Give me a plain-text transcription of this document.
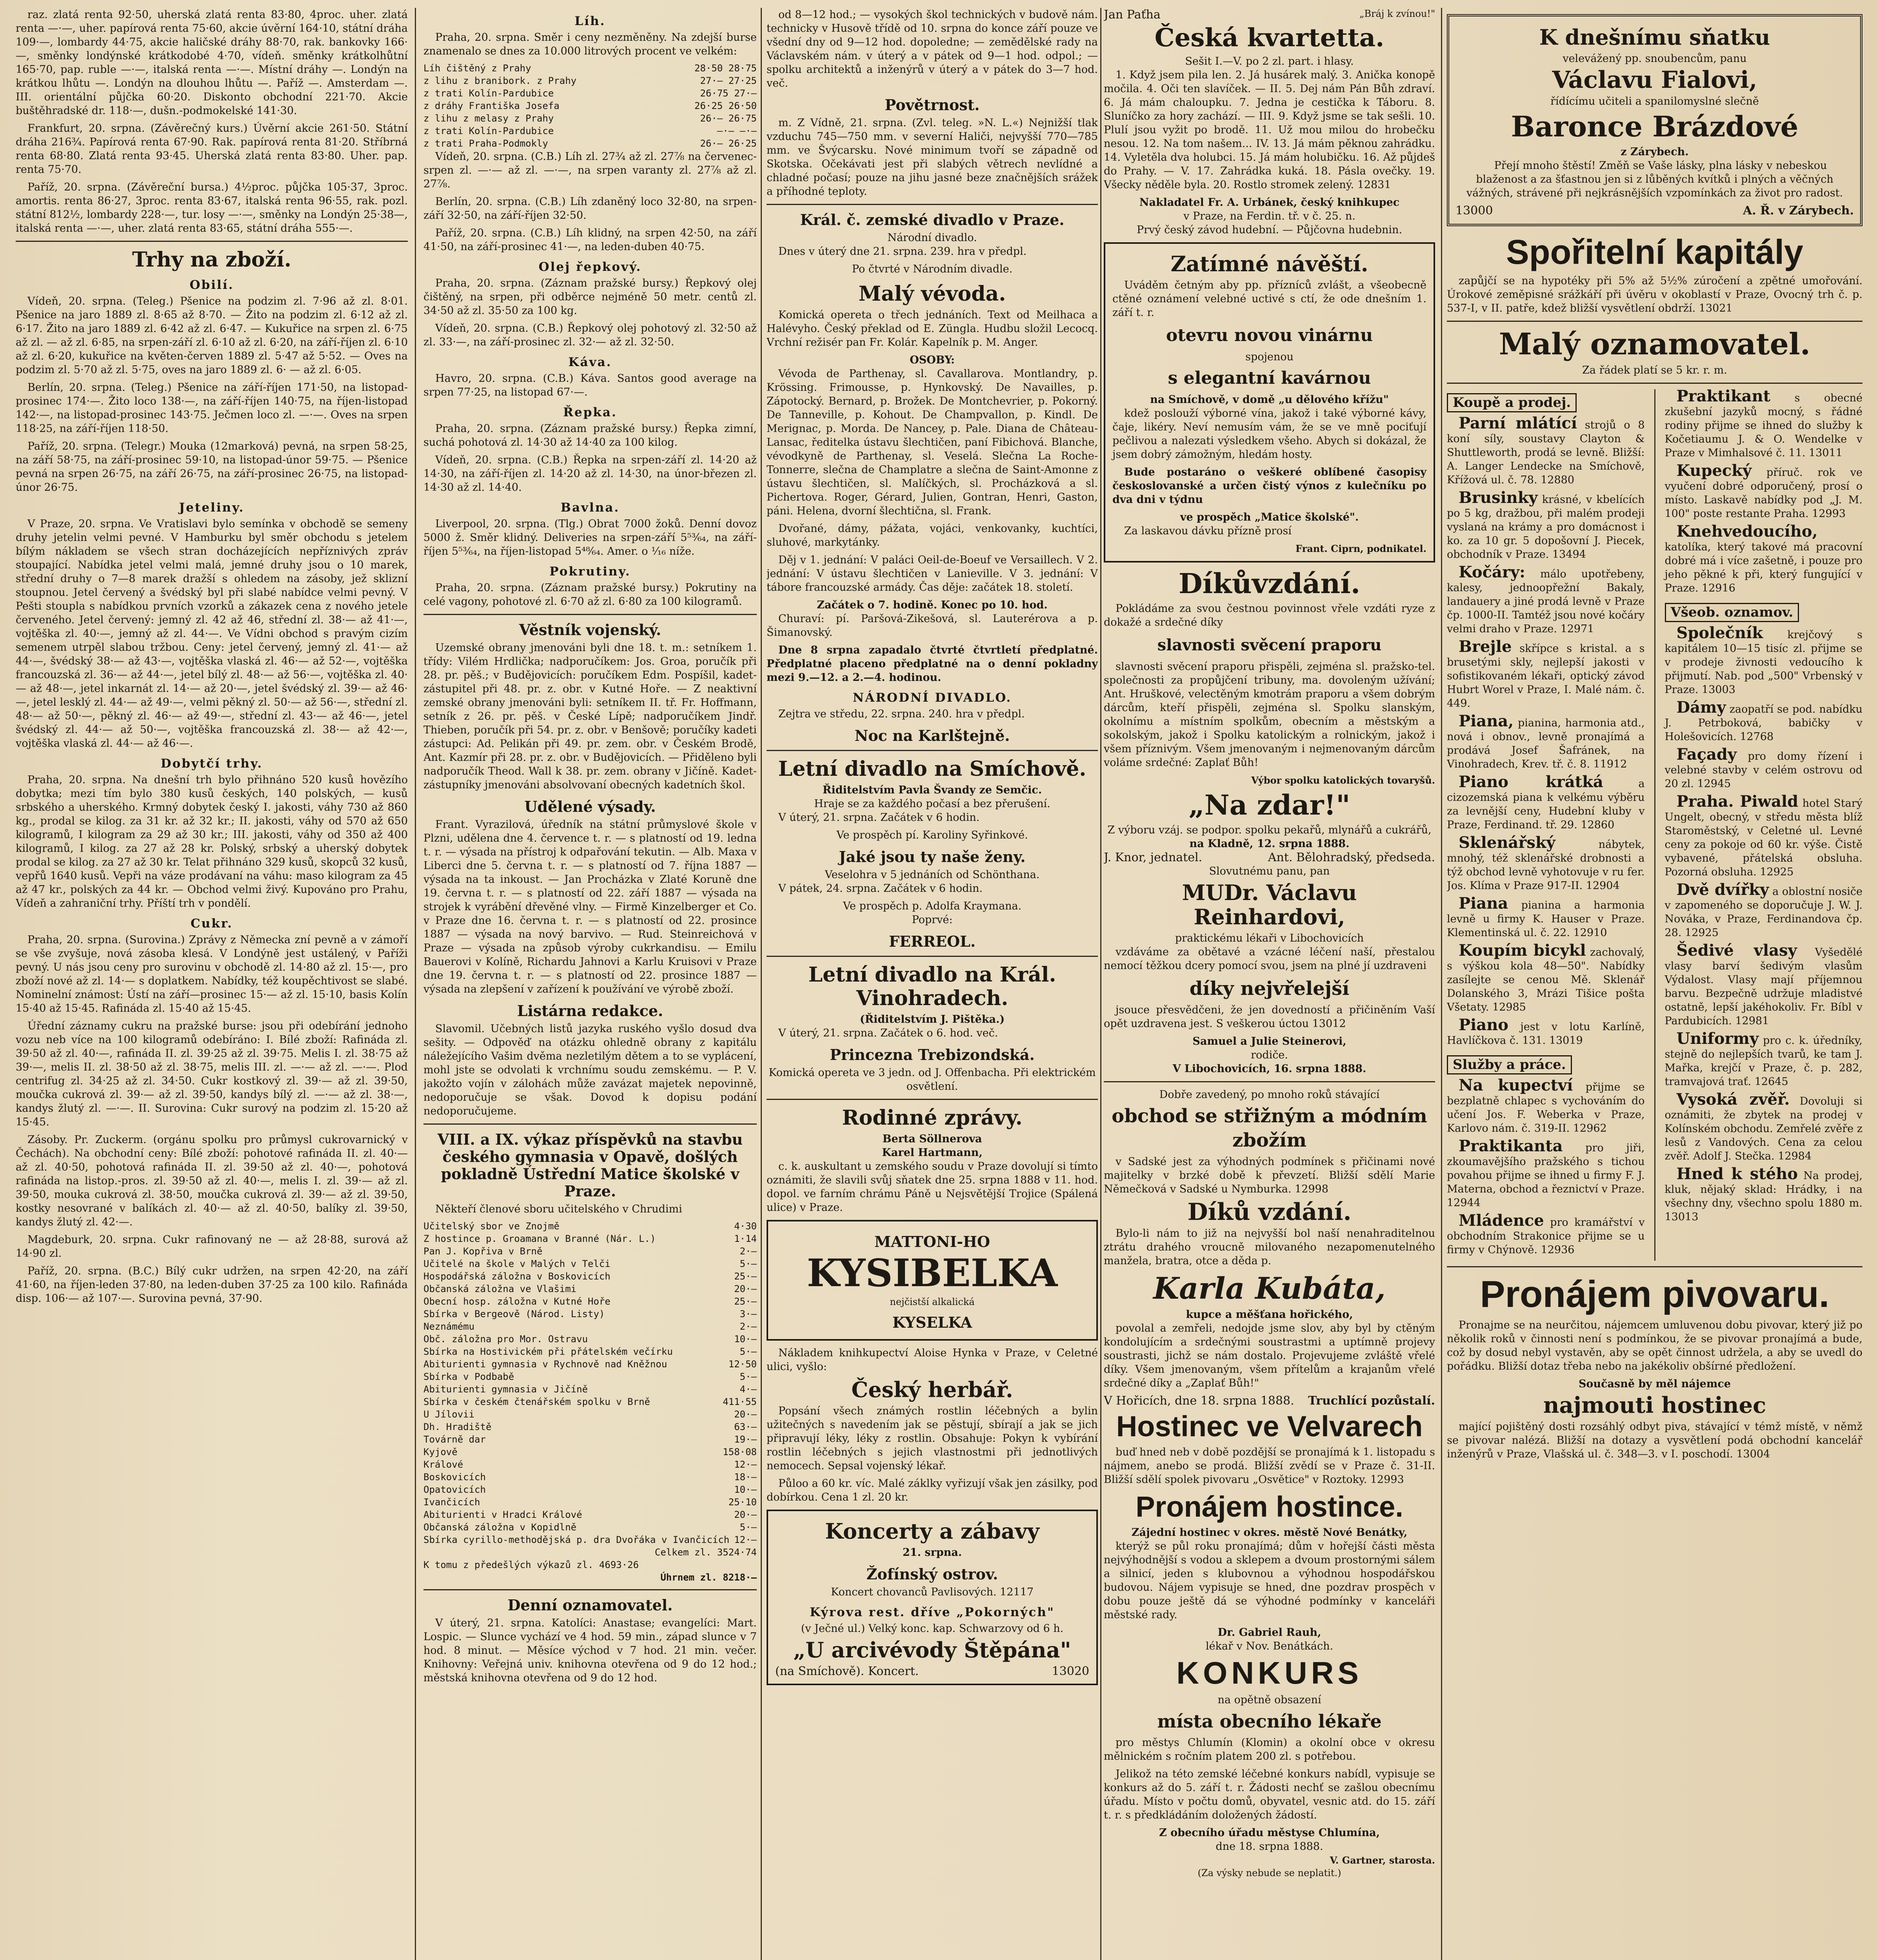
raz. zlatá renta 92·50, uherská zlatá renta 83·80, 4proc. uher. zlatá renta —·—, uher. papírová renta 75·60, akcie úvěrní 164·10, státní dráha 109·—, lombardy 44·75, akcie haličské dráhy 88·70, rak. bankovky 166·—, směnky londýnské krátkodobé 4·70, vídeň. směnky krátkolhůtní 165·70, pap. ruble —·—, italská renta —·—. Místní dráhy —. Londýn na krátkou lhůtu —. Londýn na dlouhou lhůtu —. Paříž —. Amsterdam —. III. orientální půjčka 60·20. Diskonto obchodní 221·70. Akcie buštěhradské dr. 118·—, dušn.-podmokelské 141·30.

Frankfurt, 20. srpna. (Závěrečný kurs.) Úvěrní akcie 261·50. Státní dráha 216¾. Papírová renta 67·90. Rak. papírová renta 81·20. Stříbrná renta 68·80. Zlatá renta 93·45. Uherská zlatá renta 83·80. Uher. pap. renta 75·70.

Paříž, 20. srpna. (Závěreční bursa.) 4½proc. půjčka 105·37, 3proc. amortis. renta 86·27, 3proc. renta 83·67, italská renta 96·55, rak. pozl. státní 812½, lombardy 228·—, tur. losy —·—, směnky na Londýn 25·38—, italská renta —·—, uher. zlatá renta 83·65, státní dráha 555·—.

Trhy na zboží.
Obilí.

Vídeň, 20. srpna. (Teleg.) Pšenice na podzim zl. 7·96 až zl. 8·01. Pšenice na jaro 1889 zl. 8·65 až 8·70. — Žito na podzim zl. 6·12 až zl. 6·17. Žito na jaro 1889 zl. 6·42 až zl. 6·47. — Kukuřice na srpen zl. 6·75 až zl. — až zl. 6·85, na srpen-září zl. 6·10 až zl. 6·20, na září-říjen zl. 6·10 až zl. 6·20, kukuřice na květen-červen 1889 zl. 5·47 až 5·52. — Oves na podzim zl. 5·70 až zl. 5·75, oves na jaro 1889 zl. 6· — až zl. 6·05.

Berlín, 20. srpna. (Teleg.) Pšenice na září-říjen 171·50, na listopad-prosinec 174·—. Žito loco 138·—, na září-říjen 140·75, na říjen-listopad 142·—, na listopad-prosinec 143·75. Ječmen loco zl. —·—. Oves na srpen 118·25, na září-říjen 118·50.

Paříž, 20. srpna. (Telegr.) Mouka (12marková) pevná, na srpen 58·25, na září 58·75, na září-prosinec 59·10, na listopad-únor 59·75. — Pšenice pevná na srpen 26·75, na září 26·75, na září-prosinec 26·75, na listopad-únor 26·75.

Jeteliny.

V Praze, 20. srpna. Ve Vratislavi bylo semínka v obchodě se semeny druhy jetelin velmi pevné. V Hamburku byl směr obchodu s jetelem bílým nákladem se všech stran docházejících nepříznivých zpráv stoupající. Nabídka jetel velmi malá, jemné druhy jsou o 10 marek, střední druhy o 7—8 marek dražší s ohledem na zásoby, jež sklizní stoupnou. Jetel červený a švédský byl při slabé nabídce velmi pevný. V Pešti stoupla s nabídkou prvních vzorků a zákazek cena z nového jetele červeného. Jetel červený: jemný zl. 42 až 46, střední zl. 38·— až 41·—, vojtěška zl. 40·—, jemný až zl. 44·—. Ve Vídni obchod s pravým cizím semenem utrpěl slabou tržbou. Ceny: jetel červený, jemný zl. 41·— až 44·—, švédský 38·— až 43·—, vojtěška vlaská zl. 46·— až 52·—, vojtěška francouzská zl. 36·— až 44·—, jetel bílý zl. 48·— až 56·—, vojtěška zl. 40·— až 48·—, jetel inkarnát zl. 14·— až 20·—, jetel švédský zl. 39·— až 46·—, jetel lesklý zl. 44·— až 49·—, velmi pěkný zl. 50·— až 56·—, střední zl. 48·— až 50·—, pěkný zl. 46·— až 49·—, střední zl. 43·— až 46·—, jetel švédský zl. 44·— až 50·—, vojtěška francouzská zl. 38·— až 42·—, vojtěška vlaská zl. 44·— až 46·—.

Dobytčí trhy.

Praha, 20. srpna. Na dnešní trh bylo přihnáno 520 kusů hovězího dobytka; mezi tím bylo 380 kusů českých, 140 polských, — kusů srbského a uherského. Krmný dobytek český I. jakosti, váhy 730 až 860 kg., prodal se kilog. za 31 kr. až 32 kr.; II. jakosti, váhy od 570 až 650 kilogramů, I kilogram za 29 až 30 kr.; III. jakosti, váhy od 350 až 400 kilogramů, I kilog. za 27 až 28 kr. Polský, srbský a uherský dobytek prodal se kilog. za 27 až 30 kr. Telat přihnáno 329 kusů, skopců 32 kusů, vepřů 1640 kusů. Vepři na váze prodávaní na váhu: maso kilogram za 45 až 47 kr., polských za 44 kr. — Obchod velmi živý. Kupováno pro Prahu, Vídeň a zahraniční trhy. Příští trh v pondělí.

Cukr.

Praha, 20. srpna. (Surovina.) Zprávy z Německa zní pevně a v zámoří se vše zvyšuje, nová zásoba klesá. V Londýně jest ustálený, v Paříži pevný. U nás jsou ceny pro surovinu v obchodě zl. 14·80 až zl. 15·—, pro zboží nové až zl. 14·— s doplatkem. Nabídky, též koupěchtivost se slabé. Nominelní známost: Ústí na září—prosinec 15·— až zl. 15·10, basis Kolín 15·40 až 15·45. Rafináda zl. 15·40 až 15·45.

Úřední záznamy cukru na pražské burse: jsou při odebírání jednoho vozu neb více na 100 kilogramů odebíráno: I. Bílé zboží: Rafináda zl. 39·50 až zl. 40·—, rafináda II. zl. 39·25 až zl. 39·75. Melis I. zl. 38·75 až 39·—, melis II. zl. 38·50 až zl. 38·75, melis III. zl. —·— až zl. —·—. Plod centrifug zl. 34·25 až zl. 34·50. Cukr kostkový zl. 39·— až zl. 39·50, moučka cukrová zl. 39·— až zl. 39·50, kandys bílý zl. —·— až zl. 38·—, kandys žlutý zl. —·—. II. Surovina: Cukr surový na podzim zl. 15·20 až 15·45.

Zásoby. Pr. Zuckerm. (orgánu spolku pro průmysl cukrovarnický v Čechách). Na obchodní ceny: Bílé zboží: pohotové rafináda II. zl. 40·— až zl. 40·50, pohotová rafináda II. zl. 39·50 až zl. 40·—, pohotová rafináda na listop.-pros. zl. 39·50 až zl. 40·—, melis I. zl. 39·— až zl. 39·50, mouka cukrová zl. 38·50, moučka cukrová zl. 39·— až zl. 39·50, kostky nesovrané v balíkách zl. 40·— až zl. 40·50, balíky zl. 39·50, kandys žlutý zl. 42·—.

Magdeburk, 20. srpna. Cukr rafinovaný ne — až 28·88, surová až 14·90 zl.

Paříž, 20. srpna. (B.C.) Bílý cukr udržen, na srpen 42·20, na září 41·60, na říjen-leden 37·80, na leden-duben 37·25 za 100 kilo. Rafináda disp. 106·— až 107·—. Surovina pevná, 37·90.

Líh.

Praha, 20. srpna. Směr i ceny nezměněny. Na zdejší burse znamenalo se dnes za 10.000 litrových procent ve velkém:

Líh čištěný z Prahy	28·50 28·75
z lihu z branibork. z Prahy	27·— 27·25
z trati Kolín-Pardubice	26·75 27·—
z dráhy Františka Josefa	26·25 26·50
z lihu z melasy z Prahy	26·— 26·75
z trati Kolín-Pardubice	—·— —·—
z trati Praha-Podmokly	26·— 26·25

Vídeň, 20. srpna. (C.B.) Líh zl. 27¾ až zl. 27⅞ na červenec-srpen zl. —·— až zl. —·—, na srpen varanty zl. 27⅞ až zl. 27⅞.

Berlín, 20. srpna. (C.B.) Líh zdaněný loco 32·80, na srpen-září 32·50, na září-říjen 32·50.

Paříž, 20. srpna. (C.B.) Líh klidný, na srpen 42·50, na září 41·50, na září-prosinec 41·—, na leden-duben 40·75.

Olej řepkový.

Praha, 20. srpna. (Záznam pražské bursy.) Řepkový olej čištěný, na srpen, při odběrce nejméně 50 metr. centů zl. 34·50 až zl. 35·50 za 100 kg.

Vídeň, 20. srpna. (C.B.) Řepkový olej pohotový zl. 32·50 až zl. 33·—, na září-prosinec zl. 32·— až zl. 32·50.

Káva.

Havro, 20. srpna. (C.B.) Káva. Santos good average na srpen 77·25, na listopad 67·—.

Řepka.

Praha, 20. srpna. (Záznam pražské bursy.) Řepka zimní, suchá pohotová zl. 14·30 až 14·40 za 100 kilog.

Vídeň, 20. srpna. (C.B.) Řepka na srpen-září zl. 14·20 až 14·30, na září-říjen zl. 14·20 až zl. 14·30, na únor-březen zl. 14·30 až zl. 14·40.

Bavlna.

Liverpool, 20. srpna. (Tlg.) Obrat 7000 žoků. Denní dovoz 5000 ž. Směr klidný. Deliveries na srpen-září 5⁵³⁄₆₄, na září-říjen 5⁵³⁄₆₄, na říjen-listopad 5⁴⁸⁄₆₄. Amer. o ⅟₁₆ níže.

Pokrutiny.

Praha, 20. srpna. (Záznam pražské bursy.) Pokrutiny na celé vagony, pohotové zl. 6·70 až zl. 6·80 za 100 kilogramů.

Věstník vojenský.

Uzemské obrany jmenováni byli dne 18. t. m.: setníkem 1. třídy: Vilém Hrdlička; nadporučíkem: Jos. Groa, poručík při 28. pr. pěš.; v Budějovicích: poručíkem Edm. Pospíšil, kadet-zástupitel při 48. pr. z. obr. v Kutné Hoře. — Z neaktivní zemské obrany jmenováni byli: setníkem II. tř. Fr. Hoffmann, setník z 26. pr. pěš. v České Lípě; nadporučíkem Jindř. Thieben, poručík při 54. pr. z. obr. v Benšově; poručíky kadeti zástupci: Ad. Pelikán při 49. pr. zem. obr. v Českém Brodě, Ant. Kazmír při 28. pr. z. obr. v Budějovicích. — Přiděleno byli nadporučík Theod. Wall k 38. pr. zem. obrany v Jičíně. Kadet-zástupníky jmenováni absolvovaní obecných kadetních škol.

Udělené výsady.

Frant. Vyrazilová, úředník na státní průmyslové škole v Plzni, udělena dne 4. července t. r. — s platností od 19. ledna t. r. — výsada na přístroj k odpařování tekutin. — Alb. Maxa v Liberci dne 5. června t. r. — s platností od 7. října 1887 — výsada na ta inkoust. — Jan Procházka v Zlaté Koruně dne 19. června t. r. — s platností od 22. září 1887 — výsada na strojek k vyrábění dřevěné vlny. — Firmě Kinzelberger et Co. v Praze dne 16. června t. r. — s platností od 22. prosince 1887 — výsada na nový barvivo. — Rud. Steinreichová v Praze — výsada na způsob výroby cukrkandisu. — Emilu Bauerovi v Kolíně, Richardu Jahnovi a Karlu Kruisovi v Praze dne 19. června t. r. — s platností od 22. prosince 1887 — výsada na zlepšení v zařízení k používání ve výrobě zboží.

Listárna redakce.

Slavomil. Učebných listů jazyka ruského vyšlo dosud dva sešity. — Odpověď na otázku ohledně obrany z kapitálu náležejícího Vašim dvěma nezletilým dětem a to se vyplácení, mohl jste se odvolati k vrchnímu soudu zemskému. — P. V. jakožto vojín v zálohách může zavázat majetek nepovinně, nedoporučuje se však. Dovod k dopisu podání nedoporučujeme.

VIII. a IX. výkaz příspěvků na stavbu českého gymnasia v Opavě, došlých pokladně Ústřední Matice školské v Praze.

Někteří členové sboru učitelského v Chrudimi

Učitelský sbor ve Znojmě	4·30
Z hostince p. Groamana v Branné (Nár. L.)	1·14
Pan J. Kopřiva v Brně	2·—
Učitelé na škole v Malých v Telči	5·—
Hospodářská záložna v Boskovicích	25·—
Občanská záložna ve Vlašimi	20·—
Obecní hosp. záložna v Kutné Hoře	25·—
Sbírka v Bergeově (Národ. Listy)	3·—
Neznámému	2·—
Obč. záložna pro Mor. Ostravu	10·—
Sbírka na Hostivickém při přátelském večírku	5·—
Abiturienti gymnasia v Rychnově nad Kněžnou	12·50
Sbírka v Podbabě	5·—
Abiturienti gymnasia v Jičíně	4·—
Sbírka v českém čtenářském spolku v Brně	411·55
U Jílovii	20·—
Dh. Hradiště	63·—
Továrně dar	19·—
Kyjově	158·08
Králové	12·—
Boskovicích	18·—
Opatovicích	10·—
Ivančicích	25·10
Abiturienti v Hradci Králové	20·—
Občanská záložna v Kopidlně	5·—
Sbírka cyrillo-methodějská p. dra Dvořáka v Ivančicích 12·—
Celkem zl. 3524·74
K tomu z předešlých výkazů zl. 4693·26
Úhrnem zl. 8218·—
Denní oznamovatel.

V úterý, 21. srpna. Katolíci: Anastase; evangelíci: Mart. Lospic. — Slunce vychází ve 4 hod. 59 min., západ slunce v 7 hod. 8 minut. — Měsíce východ v 7 hod. 21 min. večer. Knihovny: Veřejná univ. knihovna otevřena od 9 do 12 hod.; městská knihovna otevřena od 9 do 12 hod.

od 8—12 hod.; — vysokých škol technických v budově nám. technicky v Husově třídě od 10. srpna do konce září pouze ve všední dny od 9—12 hod. dopoledne; — zemědělské rady na Václavském nám. v úterý a v pátek od 9—1 hod. odpol.; — spolku architektů a inženýrů v úterý a v pátek do 3—7 hod. več.

Povětrnost.

m. Z Vídně, 21. srpna. (Zvl. teleg. »N. L.«) Nejnižší tlak vzduchu 745—750 mm. v severní Haliči, nejvyšší 770—785 mm. ve Švýcarsku. Nové minimum tvoří se západně od Skotska. Očekávati jest při slabých větrech nevlídné a chladné počasí; pouze na jihu jasné beze značnějších srážek a příhodné teploty.

Král. č. zemské divadlo v Praze.
Národní divadlo.

Dnes v úterý dne 21. srpna. 239. hra v předpl.

Po čtvrté v Národním divadle.
Malý vévoda.

Komická opereta o třech jednáních. Text od Meilhaca a Halévyho. Český překlad od E. Züngla. Hudbu složil Lecocq. Vrchní režisér pan Fr. Kolár. Kapelník p. M. Anger.

OSOBY:

Vévoda de Parthenay, sl. Cavallarova. Montlandry, p. Krössing. Frimousse, p. Hynkovský. De Navailles, p. Zápotocký. Bernard, p. Brožek. De Montchevrier, p. Pokorný. De Tanneville, p. Kohout. De Champvallon, p. Kindl. De Merignac, p. Morda. De Nancey, p. Pale. Diana de Château-Lansac, ředitelka ústavu šlechtičen, paní Fibichová. Blanche, vévodkyně de Parthenay, sl. Veselá. Slečna La Roche-Tonnerre, slečna de Champlatre a slečna de Saint-Amonne z ústavu šlechtičen, sl. Malíčkých, sl. Procházková a sl. Pichertova. Roger, Gérard, Julien, Gontran, Henri, Gaston, páni. Helena, dvorní šlechtična, sl. Frank.

Dvořané, dámy, pážata, vojáci, venkovanky, kuchtíci, sluhové, markytánky.

Děj v 1. jednání: V paláci Oeil-de-Boeuf ve Versaillech. V 2. jednání: V ústavu šlechtičen v Lanieville. V 3. jednání: V tábore francouzské armády. Čas děje: začátek 18. století.

Začátek o 7. hodině. Konec po 10. hod.

Churaví: pí. Paršová-Zikešová, sl. Lauterérova a p. Šimanovský.

Dne 8 srpna zapadalo čtvrté čtvrtletí předplatné. Předplatné placeno předplatné na o denní pokladny mezi 9.—12. a 2.—4. hodinou.

NÁRODNÍ DIVADLO.

Zejtra ve středu, 22. srpna. 240. hra v předpl.

Noc na Karlštejně.
Letní divadlo na Smíchově.
Řiditelstvím Pavla Švandy ze Semčic.
Hraje se za každého počasí a bez přerušení.

V úterý, 21. srpna. Začátek v 6 hodin.

Ve prospěch pí. Karoliny Syřinkové.
Jaké jsou ty naše ženy.
Veselohra v 5 jednáních od Schönthana.

V pátek, 24. srpna. Začátek v 6 hodin.

Ve prospěch p. Adolfa Kraymana.
Poprvé:
FERREOL.
Letní divadlo na Král. Vinohradech.
(Řiditelstvím J. Pištěka.)

V úterý, 21. srpna. Začátek o 6. hod. več.

Princezna Trebizondská.
Komická opereta ve 3 jedn. od J. Offenbacha. Při elektrickém osvětlení.
Rodinné zprávy.
Berta Söllnerova
Karel Hartmann,

c. k. auskultant u zemského soudu v Praze dovolují si tímto oznámiti, že slavili svůj sňatek dne 25. srpna 1888 v 11. hod. dopol. ve farním chrámu Páně u Nejsvětější Trojice (Spálená ulice) v Praze.

MATTONI-HO
KYSIBELKA
nejčistší alkalická
KYSELKA

Nákladem knihkupectví Aloise Hynka v Praze, v Celetné ulici, vyšlo:

Český herbář.

Popsání všech známých rostlin léčebných a bylin užitečných s navedením jak se pěstují, sbírají a jak se jich připravují léky, léky z rostlin. Obsahuje: Pokyn k vybírání rostlin léčebných s jejich vlastnostmi při jednotlivých nemocech. Sepsal vojenský lékař.

Půloo a 60 kr. víc. Malé záklky vyřizují však jen zásilky, pod dobírkou. Cena 1 zl. 20 kr.

Koncerty a zábavy
21. srpna.
Žofínský ostrov.
Koncert chovanců Pavlisových. 12117
Kýrova rest. dříve „Pokorných"
(v Ječné ul.) Velký konc. kap. Schwarzovy od 6 h.
„U arcivévody Štěpána"
(na Smíchově). Koncert.	13020
Jan Paťha	„Bráj k zvínou!"
Česká kvartetta.
Sešit I.—V. po 2 zl. part. i hlasy.

1. Když jsem pila len. 2. Já husárek malý. 3. Anička konopě močila. 4. Oči ten slavíček. — II. 5. Dej nám Pán Bůh zdraví. 6. Já mám chaloupku. 7. Jedna je cestička k Táboru. 8. Sluníčko za hory zachází. — III. 9. Když jsme se tak sešli. 10. Plulí jsou vyžit po brodě. 11. Už mou milou do hrobečku nesou. 12. Na tom našem... IV. 13. Já mám pěknou zahrádku. 14. Vyletěla dva holubci. 15. Já mám holubičku. 16. Až půjdeš do Prahy. — V. 17. Zahrádka kuká. 18. Pásla ovečky. 19. Všecky něděle byla. 20. Rostlo stromek zelený. 12831

Nakladatel Fr. A. Urbánek, český knihkupec
v Praze, na Ferdin. tř. v č. 25. n.
Prvý český závod hudební. — Půjčovna hudebnin.
Zatímné návěští.

Uváděm četným aby pp. přízníců zvlášt, a všeobecně ctěné oznámení velebné uctivé s ctí, že ode dnešním 1. září t. r.

otevru novou vinárnu
spojenou
s elegantní kavárnou
na Smíchově, v domě „u dělového křížu"

kdež poslouží výborné vína, jakož i také výborné kávy, čaje, likéry. Neví nemusím vám, že se ve mně pociťují pečlivou a nalezati výsledkem všeho. Abych si dokázal, že jsem dobrý zámožným, hledám hosty.

Bude postaráno o veškeré oblíbené časopisy českoslovanské a určen čistý výnos z kulečníku po dva dni v týdnu

ve prospěch „Matice školské".

Za laskavou dávku přízně prosí

Frant. Ciprn, podnikatel.
Díkůvzdání.

Pokládáme za svou čestnou povinnost vřele vzdáti ryze z dokažé a srdečné díky

slavnosti svěcení praporu

slavnosti svěcení praporu přispěli, zejména sl. pražsko-tel. společnosti za propůjčení tribuny, ma. dovoleným užívání; Ant. Hruškové, velectěným kmotrám praporu a všem dobrým dárcům, kteří přispěli, zejména sl. Spolku slanským, okolnímu a místním spolkům, obecním a městským a sokolským, jakož i Spolku katolickým a rolnickým, jakož i všem příznivým. Všem jmenovaným i nejmenovaným dárcům voláme srdečné: Zaplať Bůh!

Výbor spolku katolických tovaryšů.
„Na zdar!"
Z výboru vzáj. se podpor. spolku pekařů, mlynářů a cukrářů,
na Kladně, 12. srpna 1888.
J. Knor, jednatel.	Ant. Bělohradský, předseda.
Slovutnému panu, pan
MUDr. Václavu Reinhardovi,
praktickému lékaři v Libochovicích

vzdáváme za obětavé a vzácné léčení naší, přestalou nemocí těžkou dcery pomocí svou, jsem na plné jí uzdraveni

díky nejvřelejší

jsouce přesvědčeni, že jen dovedností a přičiněním Vaší opět uzdravena jest. S veškerou úctou 13012

Samuel a Julie Steinerovi,
rodiče.
V Libochovicích, 16. srpna 1888.
Dobře zavedený, po mnoho roků stávající
obchod se střižným a módním zbožím

v Sadské jest za výhodných podmínek s přičinami nové majitelky v brzké době k převzetí. Bližší sdělí Marie Němečková v Sadské u Nymburka. 12998

Díků vzdání.

Bylo-li nám to již na nejvyšší bol naší nenahraditelnou ztrátu drahého vroucně milovaného nezapomenutelného manžela, bratra, otce a děda p.

Karla Kubáta,
kupce a měšťana hořického,

povolal a zemřeli, nedojde jsme slov, aby byl by ctěným kondolujícím a srdečnými soustrastmi a uptímně projevy soustrasti, jichž se nám dostalo. Projevujeme zvláště vřelé díky. Všem jmenovaným, všem přítelům a krajanům vřelé srdečné díky a „Zaplať Bůh!"

V Hořicích, dne 18. srpna 1888. Truchlící pozůstalí.
Hostinec ve Velvarech

buď hned neb v době pozdější se pronajímá k 1. listopadu s nájmem, anebo se prodá. Bližší zvědí se v Praze č. 31-II. Bližší sdělí spolek pivovaru „Osvětice" v Roztoky. 12993

Pronájem hostince.
Zájední hostinec v okres. městě Nové Benátky,

kterýž se půl roku pronajímá; dům v hořejší části města nejvýhodnější s vodou a sklepem a dvoum prostornými sálem a silnicí, jeden s klubovnou a výhodnou hospodářskou budovou. Nájem vypisuje se hned, dne pozdrav prospěch v dobu pouze ještě dá se výhodné podmínky v kanceláři městské rady.

Dr. Gabriel Rauh,
lékař v Nov. Benátkách.
KONKURS
na opětně obsazení
místa obecního lékaře

pro městys Chlumín (Klomin) a okolní obce v okresu mělnickém s ročním platem 200 zl. s potřebou.

Jelikož na této zemské léčebné konkurs nabídl, vypisuje se konkurs až do 5. září t. r. Žádosti nechť se zašlou obecnímu úřadu. Místo v počtu domů, obyvatel, vesnic atd. do 15. září t. r. s předkládáním doložených žádostí.

Z obecního úřadu městyse Chlumína,
dne 18. srpna 1888.
V. Gartner, starosta.
(Za výsky nebude se neplatit.)
K dnešnímu sňatku
velevážený pp. snoubencům, panu
Václavu Fialovi,
řídícímu učiteli a spanilomyslné slečně
Baronce Brázdové
z Zárybech.

Přejí mnoho štěstí! Změň se Vaše lásky, plna lásky v nebeskou blaženost a za šťastnou jen si z lůběných kvítků i plných a věčných vážných, strávené při nejkrásnějších vzpomínkách za život pro radost.

13000	A. Ř. v Zárybech.
Spořitelní kapitály

zapůjčí se na hypotéky při 5% až 5½% zúročení a zpětné umořování. Úrokové zeměpisné srážkáří při úvěru v okoblastí v Praze, Ovocný trh č. p. 537-I, v II. patře, kdež bližší vysvětlení obdrží. 13021

Malý oznamovatel.
Za řádek platí se 5 kr. r. m.
Koupě a prodej.

Parní mlátící strojů o 8 koní síly, soustavy Clayton & Shuttleworth, prodá se levně. Bližší: A. Langer Lendecke na Smíchově, Křížová ul. č. 78. 12880

Brusinky krásné, v kbelících po 5 kg, dražbou, při malém prodeji vyslaná na krámy a pro domácnost i ko. za 10 gr. 5 dopošovní J. Piecek, obchodník v Praze. 13494

Kočáry: málo upotřebeny, kalesy, jednoopřežní Bakaly, landauery a jiné prodá levně v Praze čp. 1000-II. Tamtéž jsou nové kočáry velmi draho v Praze. 12971

Brejle skřípce s kristal. a s brusetými skly, nejlepší jakosti v sofistikovaném lékaři, optický závod Hubrt Worel v Praze, I. Malé nám. č. 449.

Piana, pianina, harmonia atd., nová i obnov., levně pronajímá a prodává Josef Šafránek, na Vinohradech, Krev. tř. č. 8. 11912

Piano krátká	a cizozemská piana k velkému výběru za levnější ceny, Hudební kluby v Praze, Ferdinand. tř. 29. 12860

Sklenářský	nábytek, mnohý, též sklenářské drobnosti a týž obchod levně vyhotovuje v ru fer. Jos. Klíma v Praze 917-II. 12904

Piana pianina a harmonia levně u firmy K. Hauser v Praze. Klementinská ul. č. 22. 12910

Koupím bicykl zachovalý, s výškou kola 48—50". Nabídky zasílejte se cenou Mě. Sklenář Dolanského 3, Mrázi Tišice pošta Všetaty. 12985

Piano jest v lotu Karlíně, Havlíčkova č. 131. 13019

Služby a práce.

Na kupectví přijme se bezplatně chlapec s vychováním do učení Jos. F. Weberka v Praze, Karlovo nám. č. 319-II. 12962

Praktikanta pro jiři, zkoumavějšího pražského s tichou povahou přijme se ihned u firmy F. J. Materna, obchod a řeznictví v Praze. 12944

Mládence pro kramářství v obchodním Strakonice přijme se u firmy v Chýnově. 12936

Praktikant s obecné zkušební jazyků mocný, s řádné rodiny přijme se ihned do služby k Kočetiaumu J. & O. Wendelke v Praze v Mimhalsové č. 11. 13011

Kupecký příruč. rok ve vyučení dobré odporučený, prosí o místo. Laskavě nabídky pod „J. M. 100" poste restante Praha. 12993

Knehvedoucího, katolíka, který takové má pracovní dobré má i více zašetně, i pouze pro jeho pěkné k při, který fungující v Praze. 12916

Všeob. oznamov.

Společník krejčový s kapitálem 10—15 tisíc zl. přijme se v prodeje živnosti vedoucího k přijmutí. Nab. pod „500" Vrbenský v Praze. 13003

Dámy zaopatří se pod. nabídku J. Petrboková, babičky v Holešovicích. 12768

Façady pro domy řízení i velebné stavby v celém ostrovu od 20 zl. 12945

Praha. Piwald hotel Starý Ungelt, obecný, v středu města blíž Staroměstský, v Celetné ul. Levné ceny za pokoje od 60 kr. výše. Čistě vybavené, přátelská obsluha. Pozorná obsluha. 12925

Dvě dvířky a oblostní nosiče v zapomeného se doporučuje J. W. J. Nováka, v Praze, Ferdinandova čp. 28. 12925

Šedivé vlasy Vyšedělé vlasy barví šedivým vlasům Výdalost. Vlasy mají příjemnou barvu. Bezpečně udržuje mladistvé ostatně, lepší jakéhokoliv. Fr. Bíbl v Pardubicích. 12981

Uniformy pro c. k. úředníky, stejně do nejlepších tvarů, ke tam J. Mařka, krejčí v Praze, č. p. 282, tramvajová trať. 12645

Vysoká zvěř. Dovoluji si oznámiti, že zbytek na prodej v Kolínském obchodu. Zemřelé zvěře z lesů z Vandových. Cena za celou zvěř. Adolf J. Stečka. 12984

Hned k stého Na prodej, kluk, nějaký sklad: Hrádky, i na všechny dny, všechno spolu 1880 m. 13013

Pronájem pivovaru.

Pronajme se na neurčitou, nájemcem umluvenou dobu pivovar, který již po několik roků v činnosti není s podmínkou, že se pivovar pronajímá a bude, což by dosud nebyl vystavěn, aby se opět činnost udržela, a aby se uvedl do pořádku. Bližší dotaz třeba nebo na jakékoliv obšírné předložení.

Současně by měl nájemce
najmouti hostinec

mající pojištěný dosti rozsáhlý odbyt piva, stávající v témž místě, v němž se pivovar nalézá. Bližší na dotazy a vysvětlení podá obchodní kancelář inženýrů v Praze, Vlašská ul. č. 348—3. v I. poschodí. 13004
